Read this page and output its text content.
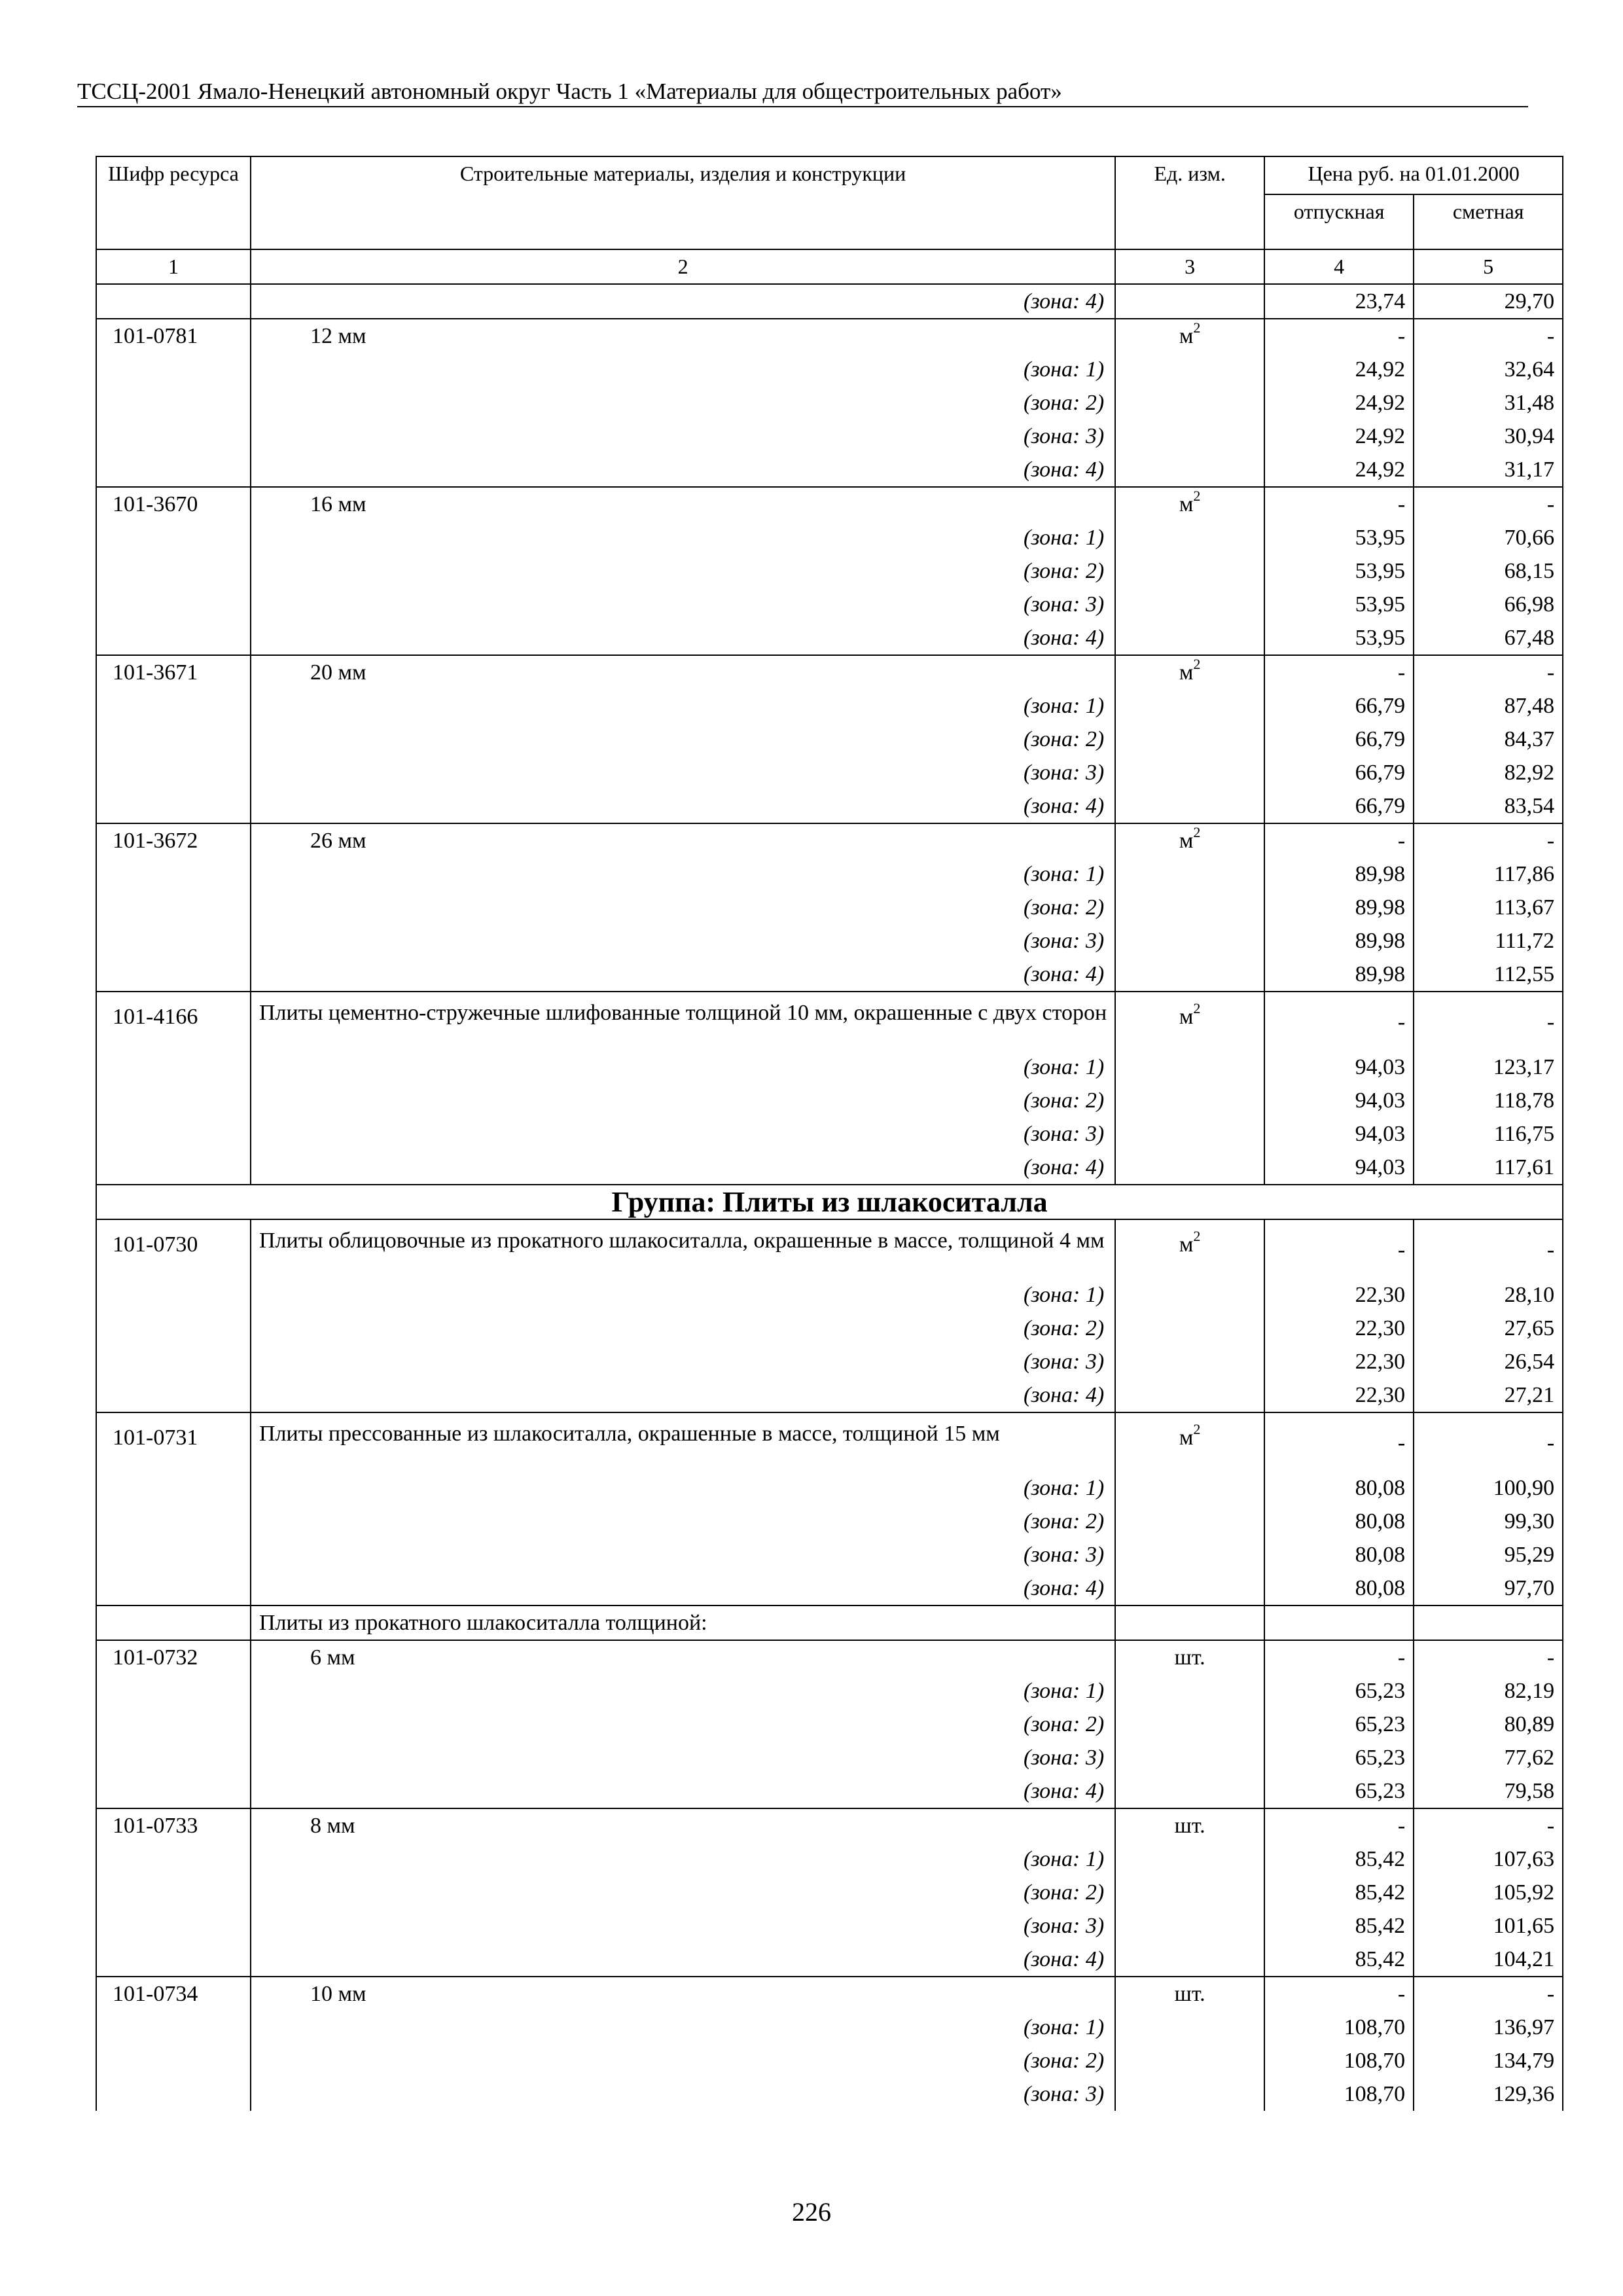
ТССЦ-2001 Ямало-Ненецкий автономный округ Часть 1 «Материалы для общестроительных работ»
Шифр ресурса	Строительные материалы, изделия и конструкции	Ед. изм.	Цена руб. на 01.01.2000	
			отпускная	сметная
1	2	3	4	5
	(зона: 4)		23,74	29,70
101-0781	12 мм	$м^2$	-	-
	(зона: 1)		24,92	32,64
	(зона: 2)		24,92	31,48
	(зона: 3)		24,92	30,94
	(зона: 4)		24,92	31,17
101-3670	16 мм	$м^2$	-	-
	(зона: 1)		53,95	70,66
	(зона: 2)		53,95	68,15
	(зона: 3)		53,95	66,98
	(зона: 4)		53,95	67,48
101-3671	20 мм	$м^2$	-	-
	(зона: 1)		66,79	87,48
	(зона: 2)		66,79	84,37
	(зона: 3)		66,79	82,92
	(зона: 4)		66,79	83,54
101-3672	26 мм	$м^2$	-	-
	(зона: 1)		89,98	117,86
	(зона: 2)		89,98	113,67
	(зона: 3)		89,98	111,72
	(зона: 4)		89,98	112,55
101-4166	Плиты цементно-стружечные шлифованные толщиной 10 мм, окрашенные с двух сторон	$м^2$	-	-
	(зона: 1)		94,03	123,17
	(зона: 2)		94,03	118,78
	(зона: 3)		94,03	116,75
	(зона: 4)		94,03	117,61
Группа: Плиты из шлакоситалла				
101-0730	Плиты облицовочные из прокатного шлакоситалла, окрашенные в массе, толщиной 4 мм	$м^2$	-	-
	(зона: 1)		22,30	28,10
	(зона: 2)		22,30	27,65
	(зона: 3)		22,30	26,54
	(зона: 4)		22,30	27,21
101-0731	Плиты прессованные из шлакоситалла, окрашенные в массе, толщиной 15 мм	$м^2$	-	-
	(зона: 1)		80,08	100,90
	(зона: 2)		80,08	99,30
	(зона: 3)		80,08	95,29
	(зона: 4)		80,08	97,70
	Плиты из прокатного шлакоситалла толщиной:			
101-0732	6 мм	шт.	-	-
	(зона: 1)		65,23	82,19
	(зона: 2)		65,23	80,89
	(зона: 3)		65,23	77,62
	(зона: 4)		65,23	79,58
101-0733	8 мм	шт.	-	-
	(зона: 1)		85,42	107,63
	(зона: 2)		85,42	105,92
	(зона: 3)		85,42	101,65
	(зона: 4)		85,42	104,21
101-0734	10 мм	шт.	-	-
	(зона: 1)		108,70	136,97
	(зона: 2)		108,70	134,79
	(зона: 3)		108,70	129,36
226
